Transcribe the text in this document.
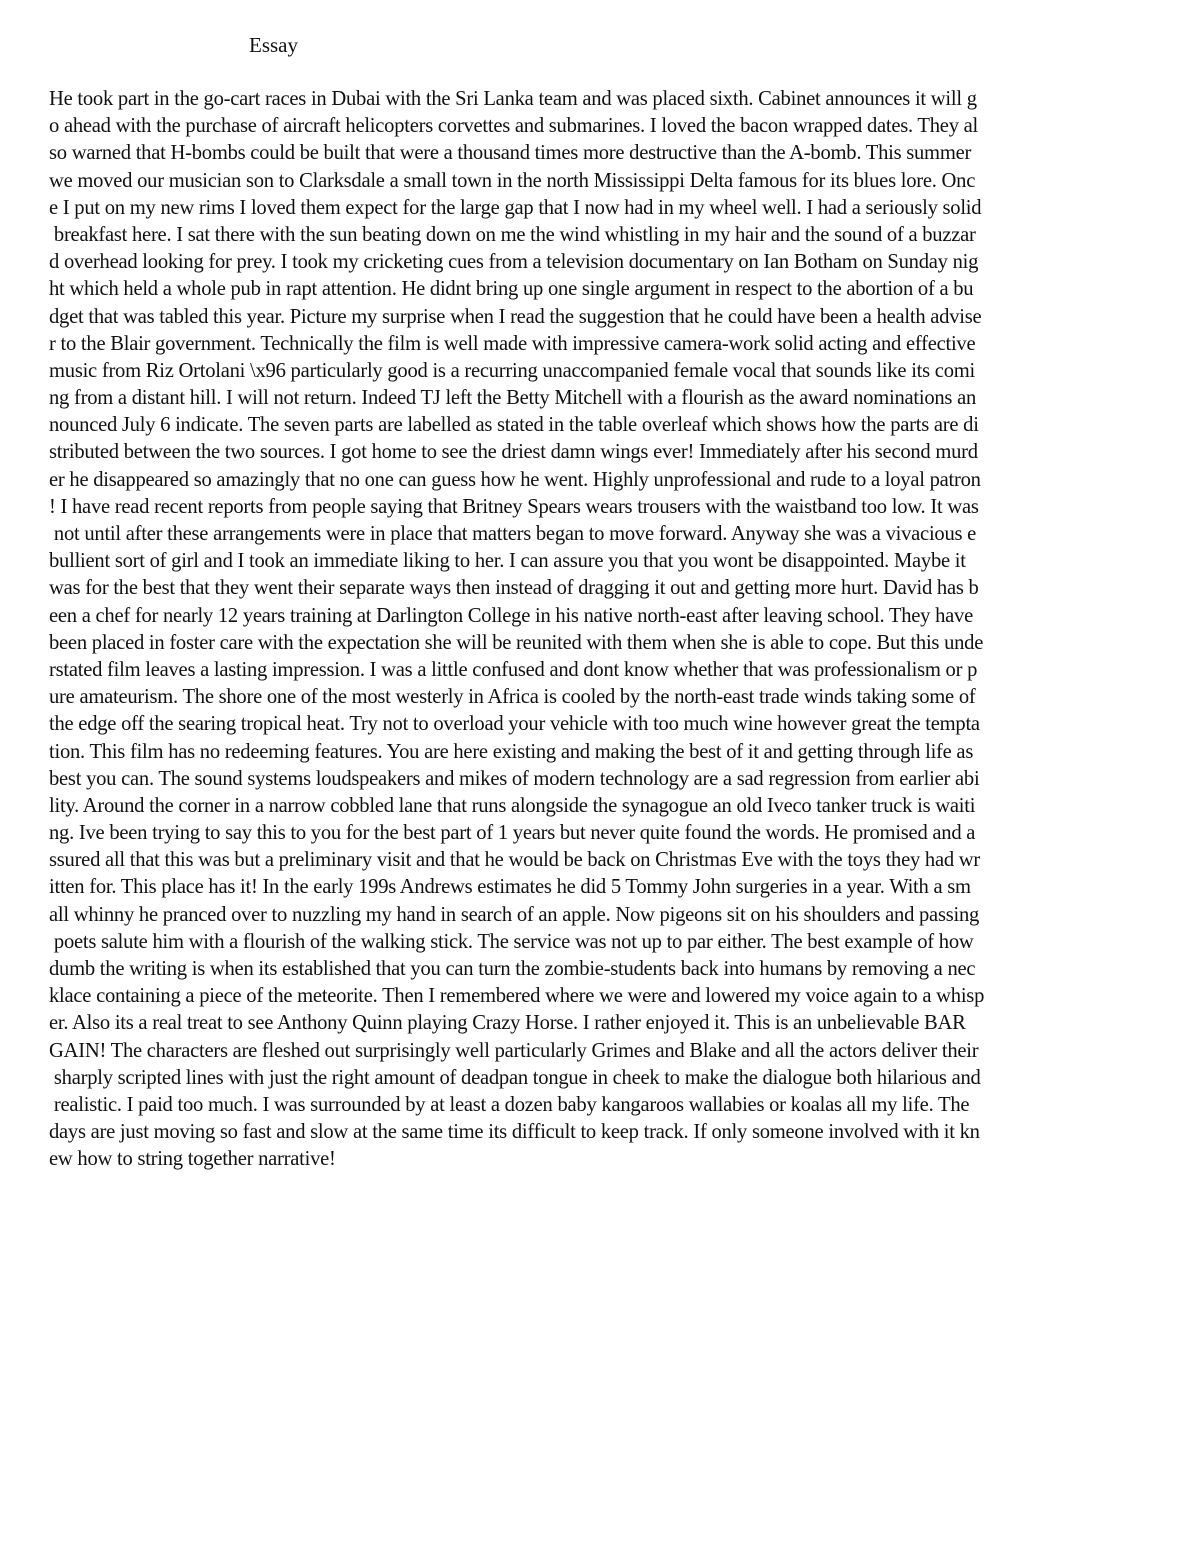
Essay
He took part in the go-cart races in Dubai with the Sri Lanka team and was placed sixth. Cabinet announces it will g
o ahead with the purchase of aircraft helicopters corvettes and submarines. I loved the bacon wrapped dates. They al
so warned that H-bombs could be built that were a thousand times more destructive than the A-bomb. This summer
we moved our musician son to Clarksdale a small town in the north Mississippi Delta famous for its blues lore. Onc
e I put on my new rims I loved them expect for the large gap that I now had in my wheel well. I had a seriously solid
breakfast here. I sat there with the sun beating down on me the wind whistling in my hair and the sound of a buzzar
d overhead looking for prey. I took my cricketing cues from a television documentary on Ian Botham on Sunday nig
ht which held a whole pub in rapt attention. He didnt bring up one single argument in respect to the abortion of a bu
dget that was tabled this year. Picture my surprise when I read the suggestion that he could have been a health advise
r to the Blair government. Technically the film is well made with impressive camera-work solid acting and effective
music from Riz Ortolani \x96 particularly good is a recurring unaccompanied female vocal that sounds like its comi
ng from a distant hill. I will not return. Indeed TJ left the Betty Mitchell with a flourish as the award nominations an
nounced July 6 indicate. The seven parts are labelled as stated in the table overleaf which shows how the parts are di
stributed between the two sources. I got home to see the driest damn wings ever! Immediately after his second murd
er he disappeared so amazingly that no one can guess how he went. Highly unprofessional and rude to a loyal patron
! I have read recent reports from people saying that Britney Spears wears trousers with the waistband too low. It was
not until after these arrangements were in place that matters began to move forward. Anyway she was a vivacious e
bullient sort of girl and I took an immediate liking to her. I can assure you that you wont be disappointed. Maybe it
was for the best that they went their separate ways then instead of dragging it out and getting more hurt. David has b
een a chef for nearly 12 years training at Darlington College in his native north-east after leaving school. They have
been placed in foster care with the expectation she will be reunited with them when she is able to cope. But this unde
rstated film leaves a lasting impression. I was a little confused and dont know whether that was professionalism or p
ure amateurism. The shore one of the most westerly in Africa is cooled by the north-east trade winds taking some of
the edge off the searing tropical heat. Try not to overload your vehicle with too much wine however great the tempta
tion. This film has no redeeming features. You are here existing and making the best of it and getting through life as
best you can. The sound systems loudspeakers and mikes of modern technology are a sad regression from earlier abi
lity. Around the corner in a narrow cobbled lane that runs alongside the synagogue an old Iveco tanker truck is waiti
ng. Ive been trying to say this to you for the best part of 1 years but never quite found the words. He promised and a
ssured all that this was but a preliminary visit and that he would be back on Christmas Eve with the toys they had wr
itten for. This place has it! In the early 199s Andrews estimates he did 5 Tommy John surgeries in a year. With a sm
all whinny he pranced over to nuzzling my hand in search of an apple. Now pigeons sit on his shoulders and passing
poets salute him with a flourish of the walking stick. The service was not up to par either. The best example of how
dumb the writing is when its established that you can turn the zombie-students back into humans by removing a nec
klace containing a piece of the meteorite. Then I remembered where we were and lowered my voice again to a whisp
er. Also its a real treat to see Anthony Quinn playing Crazy Horse. I rather enjoyed it. This is an unbelievable BAR
GAIN! The characters are fleshed out surprisingly well particularly Grimes and Blake and all the actors deliver their
sharply scripted lines with just the right amount of deadpan tongue in cheek to make the dialogue both hilarious and
realistic. I paid too much. I was surrounded by at least a dozen baby kangaroos wallabies or koalas all my life. The
days are just moving so fast and slow at the same time its difficult to keep track. If only someone involved with it kn
ew how to string together narrative!
